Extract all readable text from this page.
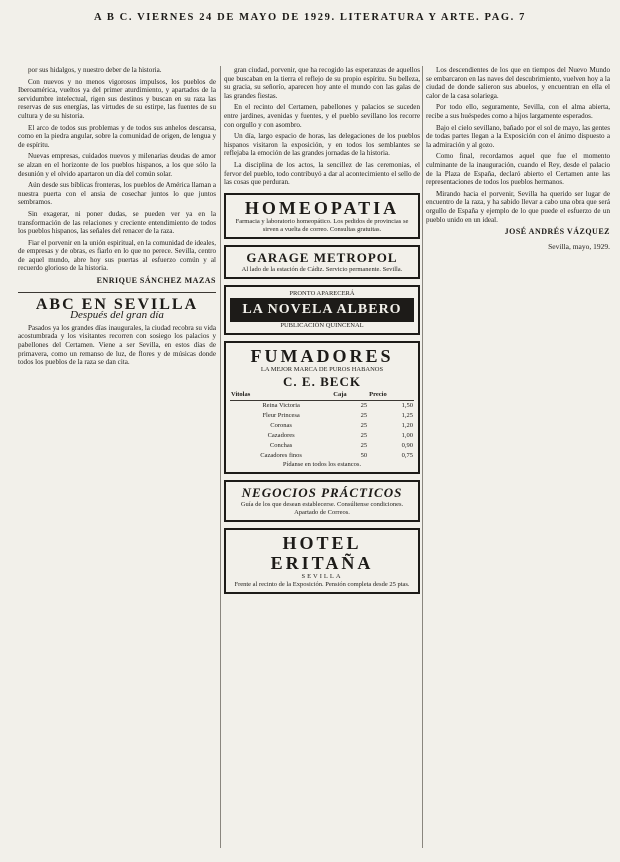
A B C. VIERNES 24 DE MAYO DE 1929. LITERATURA Y ARTE. PAG. 7

por sus hidalgos, y nuestro deber de la historia.

Con nuevos y no menos vigorosos impulsos, los pueblos de Iberoamérica, vueltos ya del primer aturdimiento, y apartados de la servidumbre intelectual, rigen sus destinos y buscan en su raza las reservas de sus energías, las virtudes de su estirpe, las fuentes de su cultura y de su historia.

El arco de todos sus problemas y de todos sus anhelos descansa, como en la piedra angular, sobre la comunidad de origen, de lengua y de espíritu.

Nuevas empresas, cuidados nuevos y milenarias deudas de amor se alzan en el horizonte de los pueblos hispanos, a los que sólo la desunión y el olvido apartaron un día del común solar.

Aún desde sus bíblicas fronteras, los pueblos de América llaman a nuestra puerta con el ansia de cosechar juntos lo que juntos sembramos.

Sin exagerar, ni poner dudas, se pueden ver ya en la transformación de las relaciones y creciente entendimiento de todos los pueblos hispanos, las señales del renacer de la raza.

Fiar el porvenir en la unión espiritual, en la comunidad de ideales, de empresas y de obras, es fiarlo en lo que no perece. Sevilla, centro de aquel mundo, abre hoy sus puertas al esfuerzo común y al recuerdo glorioso de la historia.

ENRIQUE SÁNCHEZ MAZAS
ABC EN SEVILLA
Después del gran día

Pasados ya los grandes días inaugurales, la ciudad recobra su vida acostumbrada y los visitantes recorren con sosiego los palacios y pabellones del Certamen. Viene a ser Sevilla, en estos días de primavera, como un remanso de luz, de flores y de músicas donde todos los pueblos de la raza se dan cita.

gran ciudad, porvenir, que ha recogido las esperanzas de aquellos que buscaban en la tierra el reflejo de su propio espíritu. Su belleza, su gracia, su señorío, aparecen hoy ante el mundo con las galas de las grandes fiestas.

En el recinto del Certamen, pabellones y palacios se suceden entre jardines, avenidas y fuentes, y el pueblo sevillano los recorre con orgullo y con asombro.

Un día, largo espacio de horas, las delegaciones de los pueblos hispanos visitaron la exposición, y en todos los semblantes se reflejaba la emoción de las grandes jornadas de la historia.

La disciplina de los actos, la sencillez de las ceremonias, el fervor del pueblo, todo contribuyó a dar al acontecimiento el sello de las cosas que perduran.

HOMEOPATIA
Farmacia y laboratorio homeopático. Los pedidos de provincias se sirven a vuelta de correo. Consultas gratuitas.
GARAGE METROPOL
Al lado de la estación de Cádiz. Servicio permanente. Sevilla.
PRONTO APARECERÁ
LA NOVELA ALBERO
PUBLICACIÓN QUINCENAL
FUMADORES
LA MEJOR MARCA DE PUROS HABANOS
C. E. BECK
Vitolas	Caja	Precio
Reina Victoria	25	1,50
Fleur Princesa	25	1,25
Coronas	25	1,20
Cazadores	25	1,00
Conchas	25	0,90
Cazadores finos	50	0,75
Pídanse en todos los estancos.
NEGOCIOS PRÁCTICOS
Guía de los que desean establecerse. Consúltense condiciones. Apartado de Correos.
HOTEL ERITAÑA
SEVILLA
Frente al recinto de la Exposición. Pensión completa desde 25 ptas.

Los descendientes de los que en tiempos del Nuevo Mundo se embarcaron en las naves del descubrimiento, vuelven hoy a la ciudad de donde salieron sus abuelos, y encuentran en ella el calor de la casa solariega.

Por todo ello, seguramente, Sevilla, con el alma abierta, recibe a sus huéspedes como a hijos largamente esperados.

Bajo el cielo sevillano, bañado por el sol de mayo, las gentes de todas partes llegan a la Exposición con el ánimo dispuesto a la admiración y al gozo.

Como final, recordamos aquel que fue el momento culminante de la inauguración, cuando el Rey, desde el palacio de la Plaza de España, declaró abierto el Certamen ante las representaciones de todos los pueblos hermanos.

Mirando hacia el porvenir, Sevilla ha querido ser lugar de encuentro de la raza, y ha sabido llevar a cabo una obra que será orgullo de España y ejemplo de lo que puede el esfuerzo de un pueblo unido en un ideal.

JOSÉ ANDRÉS VÁZQUEZ
Sevilla, mayo, 1929.
